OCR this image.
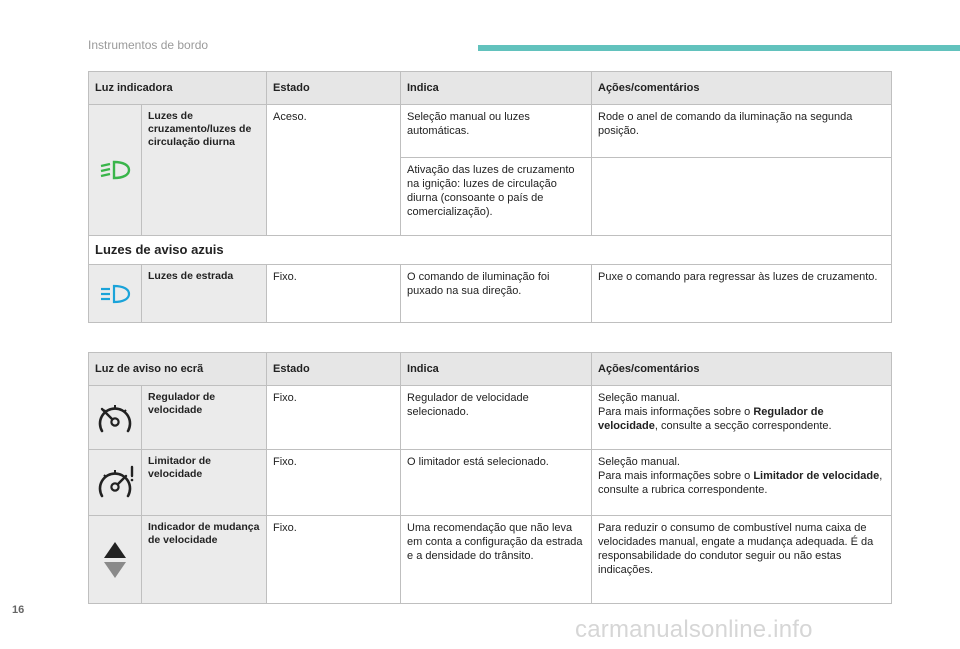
Instrumentos de bordo
Luz indicadora		Estado	Indica	Ações/comentários

	Luzes de cruzamento/luzes de circulação diurna	Aceso.	Seleção manual ou luzes automáticas.	Rode o anel de comando da iluminação na segunda posição.
			Ativação das luzes de cruzamento na ignição: luzes de circulação diurna (consoante o país de comercialização).	
Luzes de aviso azuis				

	Luzes de estrada	Fixo.	O comando de iluminação foi puxado na sua direção.	Puxe o comando para regressar às luzes de cruzamento.
Luz de aviso no ecrã		Estado	Indica	Ações/comentários

	Regulador de velocidade	Fixo.	Regulador de velocidade selecionado.	Seleção manual.
Para mais informações sobre o Regulador de velocidade, consulte a secção correspondente.

	Limitador de velocidade	Fixo.	O limitador está selecionado.	Seleção manual.
Para mais informações sobre o Limitador de velocidade, consulte a rubrica correspondente.

	Indicador de mudança de velocidade	Fixo.	Uma recomendação que não leva em conta a configuração da estrada e a densidade do trânsito.	Para reduzir o consumo de combustível numa caixa de velocidades manual, engate a mudança adequada. É da responsabilidade do condutor seguir ou não estas indicações.
16
carmanualsonline.info
